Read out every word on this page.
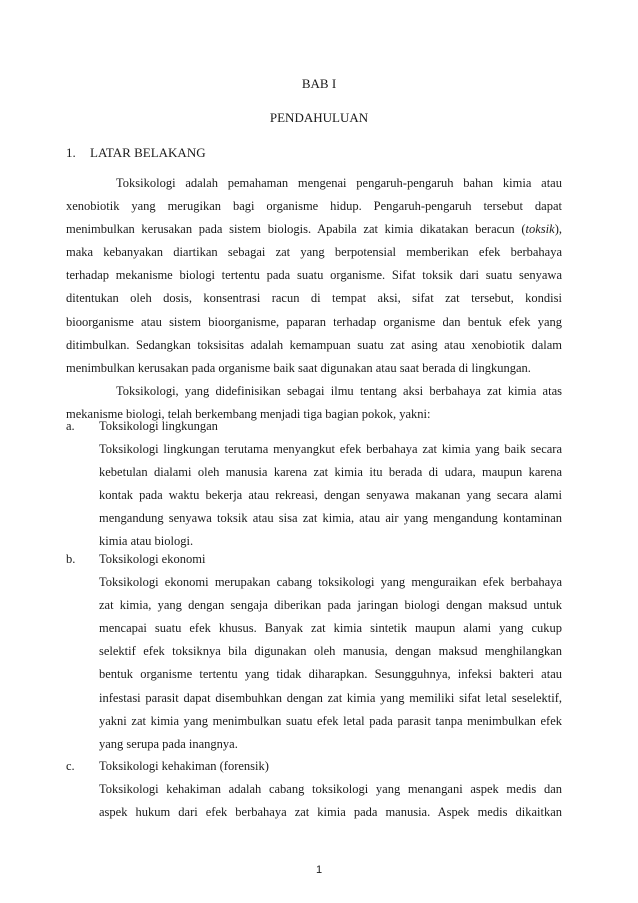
BAB I
PENDAHULUAN
1. LATAR BELAKANG
Toksikologi adalah pemahaman mengenai pengaruh-pengaruh bahan kimia atau
xenobiotik yang merugikan bagi organisme hidup. Pengaruh-pengaruh tersebut dapat
menimbulkan kerusakan pada sistem biologis. Apabila zat kimia dikatakan beracun (toksik),
maka kebanyakan diartikan sebagai zat yang berpotensial memberikan efek berbahaya
terhadap mekanisme biologi tertentu pada suatu organisme. Sifat toksik dari suatu senyawa
ditentukan oleh dosis, konsentrasi racun di tempat aksi, sifat zat tersebut, kondisi
bioorganisme atau sistem bioorganisme, paparan terhadap organisme dan bentuk efek yang
ditimbulkan. Sedangkan toksisitas adalah kemampuan suatu zat asing atau xenobiotik dalam
menimbulkan kerusakan pada organisme baik saat digunakan atau saat berada di lingkungan.
Toksikologi, yang didefinisikan sebagai ilmu tentang aksi berbahaya zat kimia atas
mekanisme biologi, telah berkembang menjadi tiga bagian pokok, yakni:
a. Toksikologi lingkungan
Toksikologi lingkungan terutama menyangkut efek berbahaya zat kimia yang baik secara
kebetulan dialami oleh manusia karena zat kimia itu berada di udara, maupun karena
kontak pada waktu bekerja atau rekreasi, dengan senyawa makanan yang secara alami
mengandung senyawa toksik atau sisa zat kimia, atau air yang mengandung kontaminan
kimia atau biologi.
b. Toksikologi ekonomi
Toksikologi ekonomi merupakan cabang toksikologi yang menguraikan efek berbahaya
zat kimia, yang dengan sengaja diberikan pada jaringan biologi dengan maksud untuk
mencapai suatu efek khusus. Banyak zat kimia sintetik maupun alami yang cukup
selektif efek toksiknya bila digunakan oleh manusia, dengan maksud menghilangkan
bentuk organisme tertentu yang tidak diharapkan. Sesungguhnya, infeksi bakteri atau
infestasi parasit dapat disembuhkan dengan zat kimia yang memiliki sifat letal seselektif,
yakni zat kimia yang menimbulkan suatu efek letal pada parasit tanpa menimbulkan efek
yang serupa pada inangnya.
c. Toksikologi kehakiman (forensik)
Toksikologi kehakiman adalah cabang toksikologi yang menangani aspek medis dan
aspek hukum dari efek berbahaya zat kimia pada manusia. Aspek medis dikaitkan
1
